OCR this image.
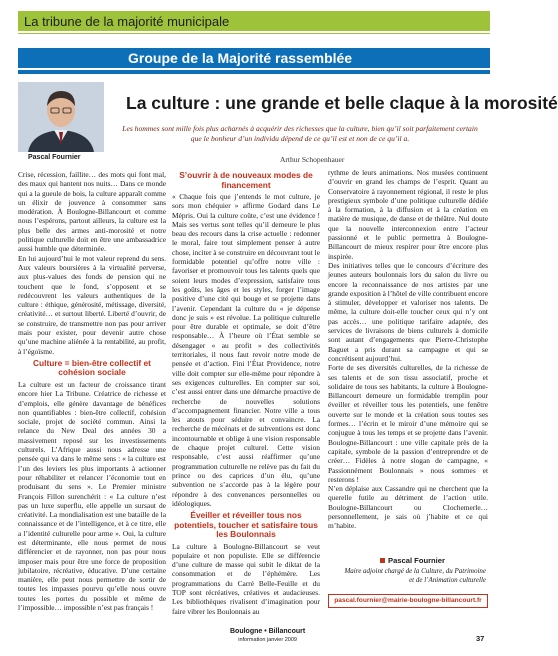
La tribune de la majorité municipale
Groupe de la Majorité rassemblée
Pascal Fournier
La culture : une grande et belle claque à la morosité
Les hommes sont mille fois plus acharnés à acquérir des richesses que la culture, bien qu’il soit parfaitement certain que le bonheur d’un individu dépend de ce qu’il est et non de ce qu’il a.
Arthur Schopenhauer

Crise, récession, faillite… des mots qui font mal, des maux qui hantent nos nuits… Dans ce monde qui a la gueule de bois, la culture apparaît comme un élixir de jouvence à consommer sans modération. À Boulogne-Billancourt et comme nous l’espérons, partout ailleurs, la culture est la plus belle des armes anti-morosité et notre politique culturelle doit en être une ambassadrice aussi humble que déterminée.

En lui aujourd’hui le mot valeur reprend du sens. Aux valeurs boursières à la virtualité perverse, aux plus-values des fonds de pension qui ne touchent que le fond, s’opposent et se redécouvrent les valeurs authentiques de la culture : éthique, générosité, métissage, diversité, créativité… et surtout liberté. Liberté d’ouvrir, de se construire, de transmettre non pas pour arriver mais pour exister, pour devenir autre chose qu’une machine aliénée à la rentabilité, au profit, à l’égoïsme.

Culture = bien-être collectif et cohésion sociale

La culture est un facteur de croissance tirant encore hier La Tribune. Créatrice de richesse et d’emplois, elle génère davantage de bénéfices non quantifiables : bien-être collectif, cohésion sociale, projet de société commun. Ainsi la relance du New Deal des années 30 a massivement reposé sur les investissements culturels. L’Afrique aussi nous adresse une pensée qui va dans le même sens : « la culture est l’un des leviers les plus importants à actionner pour réhabiliter et relancer l’économie tout en produisant du sens ». Le Premier ministre François Fillon surenchérit : « La culture n’est pas un luxe superflu, elle appelle un sursaut de créativité. La mondialisation est une bataille de la connaissance et de l’intelligence, et à ce titre, elle a l’identité culturelle pour arme ». Oui, la culture est déterminante, elle nous permet de nous différencier et de rayonner, non pas pour nous imposer mais pour être une force de proposition jubilatoire, récréative, éducative. D’une certaine manière, elle peut nous permettre de sortir de toutes les impasses pourvu qu’elle nous ouvre toutes les portes du possible et même de l’impossible… impossible n’est pas français !

S’ouvrir à de nouveaux modes de financement

« Chaque fois que j’entends le mot culture, je sors mon chéquier » affirme Godard dans Le Mépris. Oui la culture coûte, c’est une évidence ! Mais ses vertus sont telles qu’il demeure le plus beau des recours dans la crise actuelle : redonner le moral, faire tout simplement penser à autre chose, inciter à se construire en découvrant tout le formidable potentiel qu’offre notre ville : favoriser et promouvoir tous les talents quels que soient leurs modes d’expression, satisfaire tous les goûts, les âges et les styles, forger l’image positive d’une cité qui bouge et se projette dans l’avenir. Cependant la culture du « je dépense donc je suis » est révolue. La politique culturelle pour être durable et optimale, se doit d’être responsable… À l’heure où l’État semble se désengager « au profit » des collectivités territoriales, il nous faut revoir notre mode de pensée et d’action. Fini l’État Providence, notre ville doit compter sur elle-même pour répondre à ses exigences culturelles. En compter sur soi, c’est aussi entrer dans une démarche proactive de recherche de nouvelles solutions d’accompagnement financier. Notre ville a tous les atouts pour séduire et convaincre. La recherche de mécénats et de subventions est donc incontournable et oblige à une vision responsable de chaque projet culturel. Cette vision responsable, c’est aussi réaffirmer qu’une programmation culturelle ne relève pas du fait du prince ou des caprices d’un élu, qu’une subvention ne s’accorde pas à la légère pour répondre à des convenances personnelles ou idéologiques.

Éveiller et réveiller tous nos potentiels, toucher et satisfaire tous les Boulonnais

La culture à Boulogne-Billancourt se veut populaire et non populiste. Elle se différencie d’une culture de masse qui subit le diktat de la consommation et de l’éphémère. Les programmations du Carré Belle-Feuille et du TOP sont récréatives, créatives et audacieuses. Les bibliothèques rivalisent d’imagination pour faire vibrer les Boulonnais au

rythme de leurs animations. Nos musées continuent d’ouvrir en grand les champs de l’esprit. Quant au Conservatoire à rayonnement régional, il reste le plus prestigieux symbole d’une politique culturelle dédiée à la formation, à la diffusion et à la création en matière de musique, de danse et de théâtre. Nul doute que la nouvelle interconnexion entre l’acteur passionné et le public permettra à Boulogne-Billancourt de mieux respirer pour être encore plus inspirée.

Des initiatives telles que le concours d’écriture des jeunes auteurs boulonnais lors du salon du livre ou encore la reconnaissance de nos artistes par une grande exposition à l’hôtel de ville contribuent encore à stimuler, développer et valoriser nos talents. De même, la culture doit-elle toucher ceux qui n’y ont pas accès… une politique tarifaire adaptée, des services de livraisons de biens culturels à domicile sont autant d’engagements que Pierre-Christophe Baguet a pris durant sa campagne et qui se concrétisent aujourd’hui.

Forte de ses diversités culturelles, de la richesse de ses talents et de son tissu associatif, proche et solidaire de tous ses habitants, la culture à Boulogne-Billancourt demeure un formidable tremplin pour éveiller et réveiller tous les potentiels, une fenêtre ouverte sur le monde et la création sous toutes ses formes… l’écrin et le miroir d’une mémoire qui se conjugue à tous les temps et se projette dans l’avenir. Boulogne-Billancourt : une ville capitale près de la capitale, symbole de la passion d’entreprendre et de créer… Fidèles à notre slogan de campagne, « Passionnément Boulonnais » nous sommes et resterons !

N’en déplaise aux Cassandre qui ne cherchent que la querelle futile au détriment de l’action utile. Boulogne-Billancourt ou Clochemerle… personnellement, je sais où j’habite et ce qui m’habite.

Pascal Fournier
Maire adjoint chargé de la Culture, du Patrimoine et de l’Animation culturelle
pascal.fournier@mairie-boulogne-billancourt.fr
Boulogne • Billancourt
information janvier 2009	37
